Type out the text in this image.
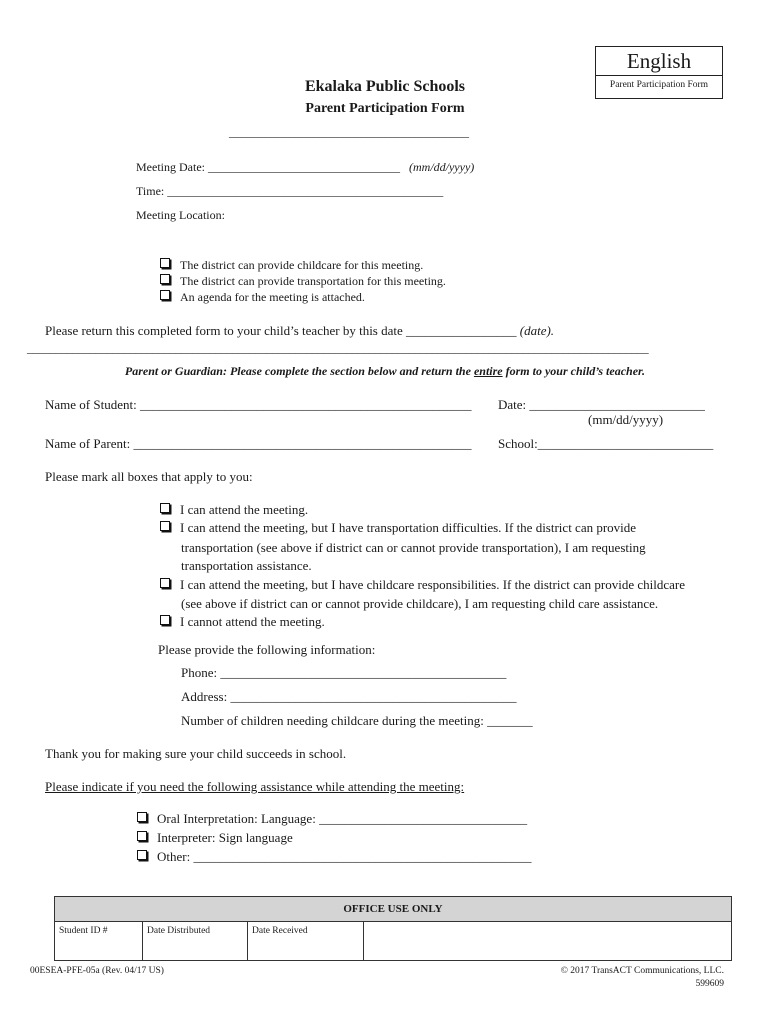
English
Parent Participation Form
Ekalaka Public Schools
Parent Participation Form
________________________________________
Meeting Date: ________________________________ (mm/dd/yyyy)
Time: ______________________________________________
Meeting Location:
The district can provide childcare for this meeting.
The district can provide transportation for this meeting.
An agenda for the meeting is attached.
Please return this completed form to your child’s teacher by this date _________________ (date).
_____________________________________________________________________________________________________________
Parent or Guardian: Please complete the section below and return the entire form to your child’s teacher.
Name of Student: ___________________________________________________ Date: ___________________________
(mm/dd/yyyy)
Name of Parent: ____________________________________________________ School:___________________________
Please mark all boxes that apply to you:
I can attend the meeting.
I can attend the meeting, but I have transportation difficulties. If the district can provide
transportation (see above if district can or cannot provide transportation), I am requesting
transportation assistance.
I can attend the meeting, but I have childcare responsibilities. If the district can provide childcare
(see above if district can or cannot provide childcare), I am requesting child care assistance.
I cannot attend the meeting.
Please provide the following information:
Phone: ____________________________________________
Address: ____________________________________________
Number of children needing childcare during the meeting: _______
Thank you for making sure your child succeeds in school.
Please indicate if you need the following assistance while attending the meeting:
Oral Interpretation: Language: ________________________________
Interpreter: Sign language
Other: ____________________________________________________
OFFICE USE ONLY
Student ID #	Date Distributed	Date Received
00ESEA-PFE-05a (Rev. 04/17 US)	© 2017 TransACT Communications, LLC.
599609
